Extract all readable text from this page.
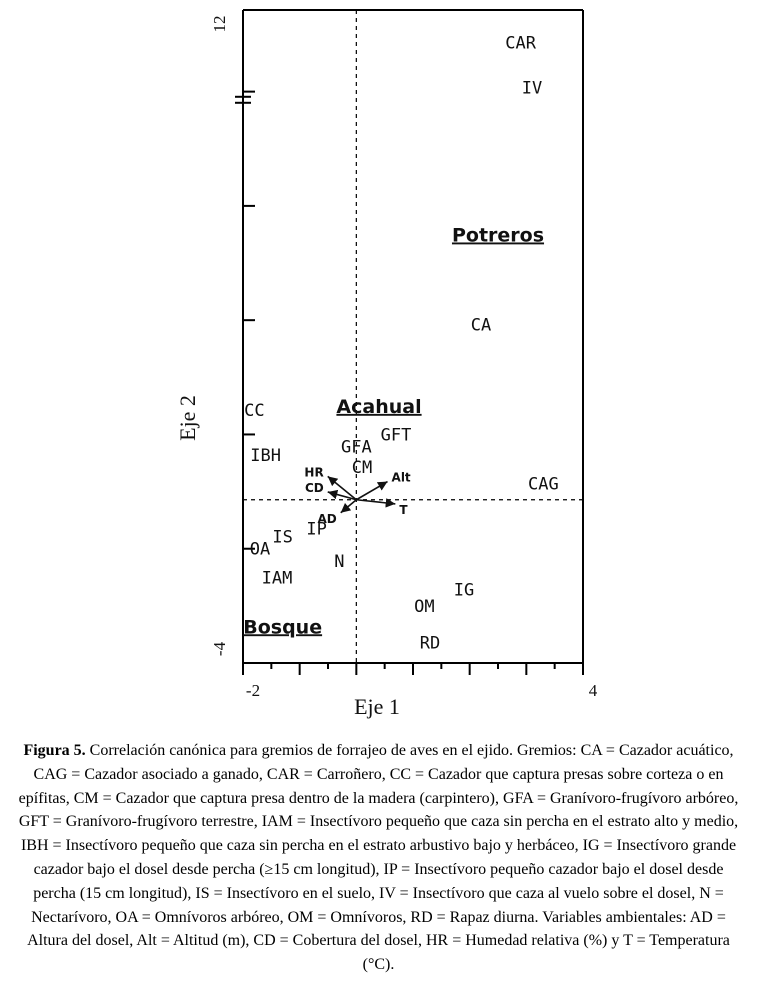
-2	4
12
-4
Alt
T
HR
CD
AD
CAR
IV
CA
CC
GFT
GFA
IBH
CM
CAG
IS IP
OA
N
IAM
IG
OM
RD
Potreros
Acahual
Bosque
Eje 1
Eje 2
Figura 5. Correlación canónica para gremios de forrajeo de aves en el ejido. Gremios: CA = Cazador acuático, CAG = Cazador asociado a ganado, CAR = Carroñero, CC = Cazador que captura presas sobre corteza o en epífitas, CM = Cazador que captura presa dentro de la madera (carpintero), GFA = Granívoro-frugívoro arbóreo, GFT = Granívoro-frugívoro terrestre, IAM = Insectívoro pequeño que caza sin percha en el estrato alto y medio, IBH = Insectívoro pequeño que caza sin percha en el estrato arbustivo bajo y herbáceo, IG = Insectívoro grande cazador bajo el dosel desde percha (≥15 cm longitud), IP = Insectívoro pequeño cazador bajo el dosel desde percha (15 cm longitud), IS = Insectívoro en el suelo, IV = Insectívoro que caza al vuelo sobre el dosel, N = Nectarívoro, OA = Omnívoros arbóreo, OM = Omnívoros, RD = Rapaz diurna. Variables ambientales: AD = Altura del dosel, Alt = Altitud (m), CD = Cobertura del dosel, HR = Humedad relativa (%) y T = Temperatura (°C).
